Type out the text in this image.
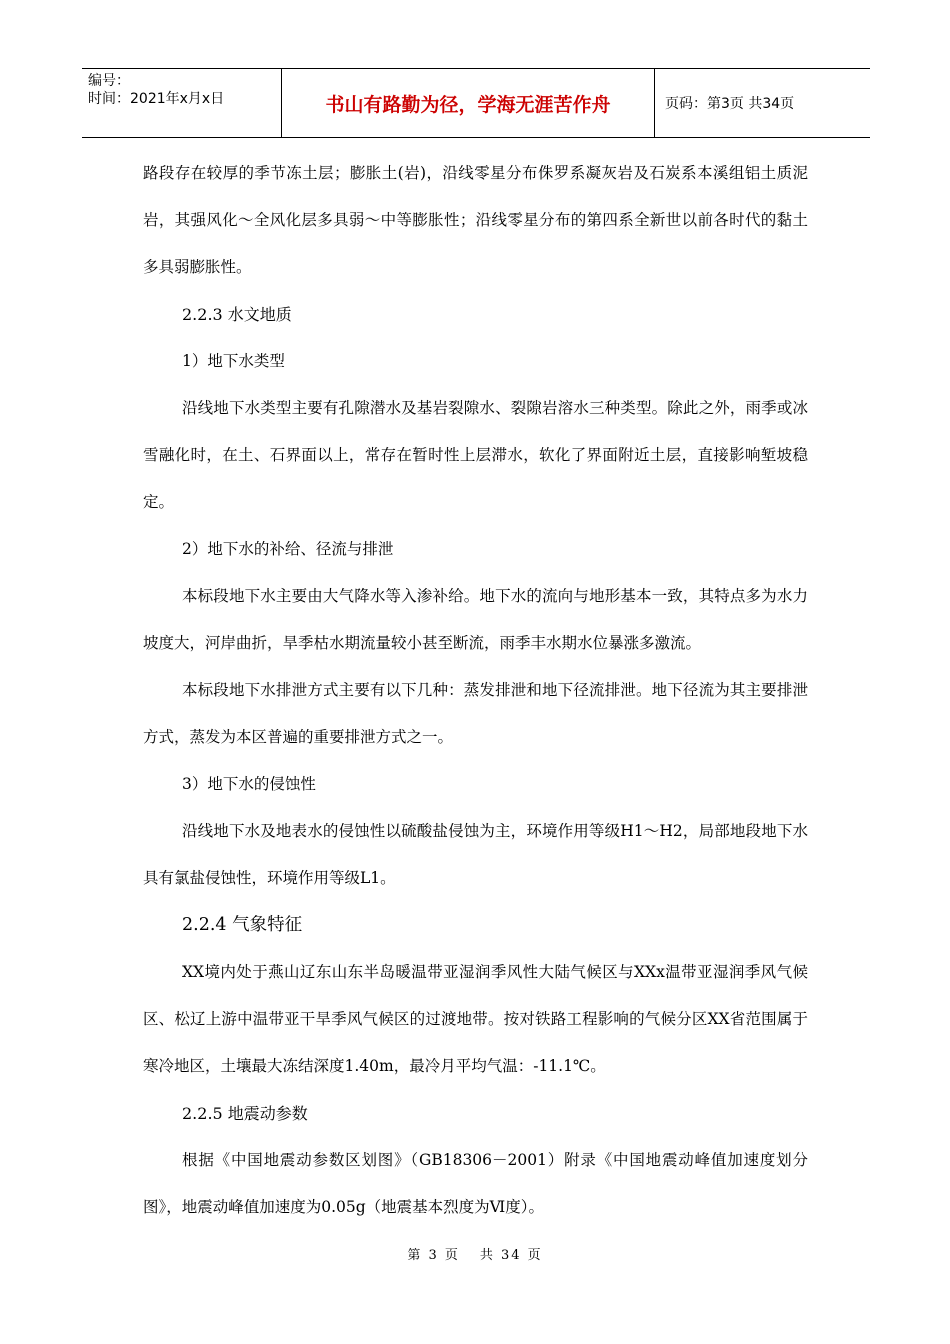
编号：
时间：2021年x月x日	书山有路勤为径，学海无涯苦作舟	页码：第3页 共34页

路段存在较厚的季节冻土层；膨胀土(岩)，沿线零星分布侏罗系凝灰岩及石炭系本溪组铝土质泥岩，其强风化～全风化层多具弱～中等膨胀性；沿线零星分布的第四系全新世以前各时代的黏土多具弱膨胀性。

2.2.3 水文地质

1）地下水类型

沿线地下水类型主要有孔隙潜水及基岩裂隙水、裂隙岩溶水三种类型。除此之外，雨季或冰雪融化时，在土、石界面以上，常存在暂时性上层滞水，软化了界面附近土层，直接影响堑坡稳定。

2）地下水的补给、径流与排泄

本标段地下水主要由大气降水等入渗补给。地下水的流向与地形基本一致，其特点多为水力坡度大，河岸曲折，旱季枯水期流量较小甚至断流，雨季丰水期水位暴涨多激流。

本标段地下水排泄方式主要有以下几种：蒸发排泄和地下径流排泄。地下径流为其主要排泄方式，蒸发为本区普遍的重要排泄方式之一。

3）地下水的侵蚀性

沿线地下水及地表水的侵蚀性以硫酸盐侵蚀为主，环境作用等级H1～H2，局部地段地下水具有氯盐侵蚀性，环境作用等级L1。

2.2.4 气象特征

XX境内处于燕山辽东山东半岛暖温带亚湿润季风性大陆气候区与XXx温带亚湿润季风气候区、松辽上游中温带亚干旱季风气候区的过渡地带。按对铁路工程影响的气候分区XX省范围属于寒冷地区，土壤最大冻结深度1.40m，最冷月平均气温：-11.1℃。

2.2.5 地震动参数

根据《中国地震动参数区划图》（GB18306－2001）附录《中国地震动峰值加速度划分图》，地震动峰值加速度为0.05g（地震基本烈度为Ⅵ度）。

第 3 页 共 34 页
